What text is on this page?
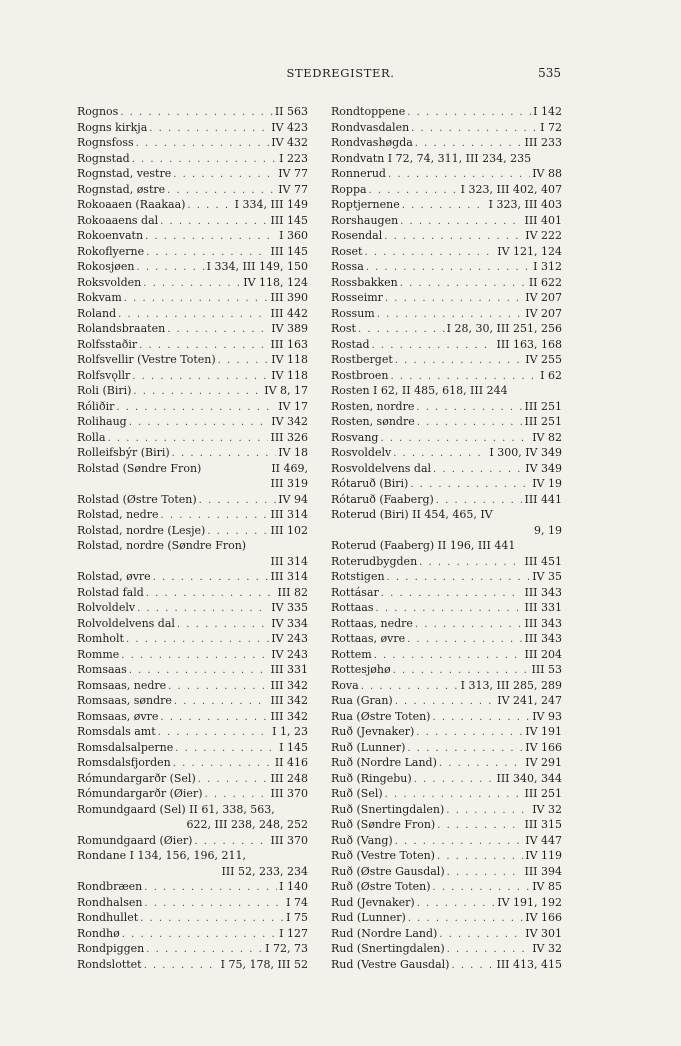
STEDREGISTER.	535
Rognos . . .	II 563
Rogns kirkja . . .	IV 423
Rognsfoss . . .	IV 432
Rognstad . . .	I 223
Rognstad, vestre . . .	IV 77
Rognstad, østre . . .	IV 77
Rokoaaen (Raakaa) . . .	I 334, III 149
Rokoaaens dal . . .	III 145
Rokoenvatn . . .	I 360
Rokoflyerne . . .	III 145
Rokosjøen . . .	I 334, III 149, 150
Roksvolden . . .	IV 118, 124
Rokvam . . .	III 390
Roland . . .	III 442
Rolandsbraaten . . .	IV 389
Rolfsstaðir . . .	III 163
Rolfsvellir (Vestre Toten) . . .	IV 118
Rolfsvǫllr . . .	IV 118
Roli (Biri) . . .	IV 8, 17
Róliðir . . .	IV 17
Rolihaug . . .	IV 342
Rolla . . .	III 326
Rolleifsbýr (Biri) . . .	IV 18
Rolstad (Søndre Fron)	II 469,
III 319
Rolstad (Østre Toten) . . .	IV 94
Rolstad, nedre . . .	III 314
Rolstad, nordre (Lesje) . . .	III 102
Rolstad, nordre (Søndre Fron)
III 314
Rolstad, øvre . . .	III 314
Rolstad fald . . .	III 82
Rolvoldelv . . .	IV 335
Rolvoldelvens dal . . .	IV 334
Romholt . . .	IV 243
Romme . . .	IV 243
Romsaas . . .	III 331
Romsaas, nedre . . .	III 342
Romsaas, søndre . . .	III 342
Romsaas, øvre . . .	III 342
Romsdals amt . . .	I 1, 23
Romsdalsalperne . . .	I 145
Romsdalsfjorden . . .	II 416
Rómundargarðr (Sel) . . .	III 248
Rómundargarðr (Øier) . . .	III 370
Romundgaard (Sel) II 61, 338, 563,
622, III 238, 248, 252
Romundgaard (Øier) . . .	III 370
Rondane I 134, 156, 196, 211,
III 52, 233, 234
Rondbræen . . .	I 140
Rondhalsen . . .	I 74
Rondhullet . . .	I 75
Rondhø . . .	I 127
Rondpiggen . . .	I 72, 73
Rondslottet . . .	I 75, 178, III 52
Rondtoppene . . .	I 142
Rondvasdalen . . .	I 72
Rondvashøgda . . .	III 233
Rondvatn I 72, 74, 311, III 234, 235
Ronnerud . . .	IV 88
Roppa . . .	I 323, III 402, 407
Roptjernene . . .	I 323, III 403
Rorshaugen . . .	III 401
Rosendal . . .	IV 222
Roset . . .	IV 121, 124
Rossa . . .	I 312
Rossbakken . . .	II 622
Rosseimr . . .	IV 207
Rossum . . .	IV 207
Rost . . .	I 28, 30, III 251, 256
Rostad . . .	III 163, 168
Rostberget . . .	IV 255
Rostbroen . . .	I 62
Rosten I 62, II 485, 618, III 244
Rosten, nordre . . .	III 251
Rosten, søndre . . .	III 251
Rosvang . . .	IV 82
Rosvoldelv . . .	I 300, IV 349
Rosvoldelvens dal . . .	IV 349
Rótaruð (Biri) . . .	IV 19
Rótaruð (Faaberg) . . .	III 441
Roterud (Biri) II 454, 465, IV
9, 19
Roterud (Faaberg) II 196, III 441
Roterudbygden . . .	III 451
Rotstigen . . .	IV 35
Rottásar . . .	III 343
Rottaas . . .	III 331
Rottaas, nedre . . .	III 343
Rottaas, øvre . . .	III 343
Rottem . . .	III 204
Rottesjøhø . . .	III 53
Rova . . .	I 313, III 285, 289
Rua (Gran) . . .	IV 241, 247
Rua (Østre Toten) . . .	IV 93
Ruð (Jevnaker) . . .	IV 191
Ruð (Lunner) . . .	IV 166
Ruð (Nordre Land) . . .	IV 291
Ruð (Ringebu) . . .	III 340, 344
Ruð (Sel) . . .	III 251
Ruð (Snertingdalen) . . .	IV 32
Ruð (Søndre Fron) . . .	III 315
Ruð (Vang) . . .	IV 447
Ruð (Vestre Toten) . . .	IV 119
Ruð (Østre Gausdal) . . .	III 394
Ruð (Østre Toten) . . .	IV 85
Rud (Jevnaker) . . .	IV 191, 192
Rud (Lunner) . . .	IV 166
Rud (Nordre Land) . . .	IV 301
Rud (Snertingdalen) . . .	IV 32
Rud (Vestre Gausdal) . . .	III 413, 415
